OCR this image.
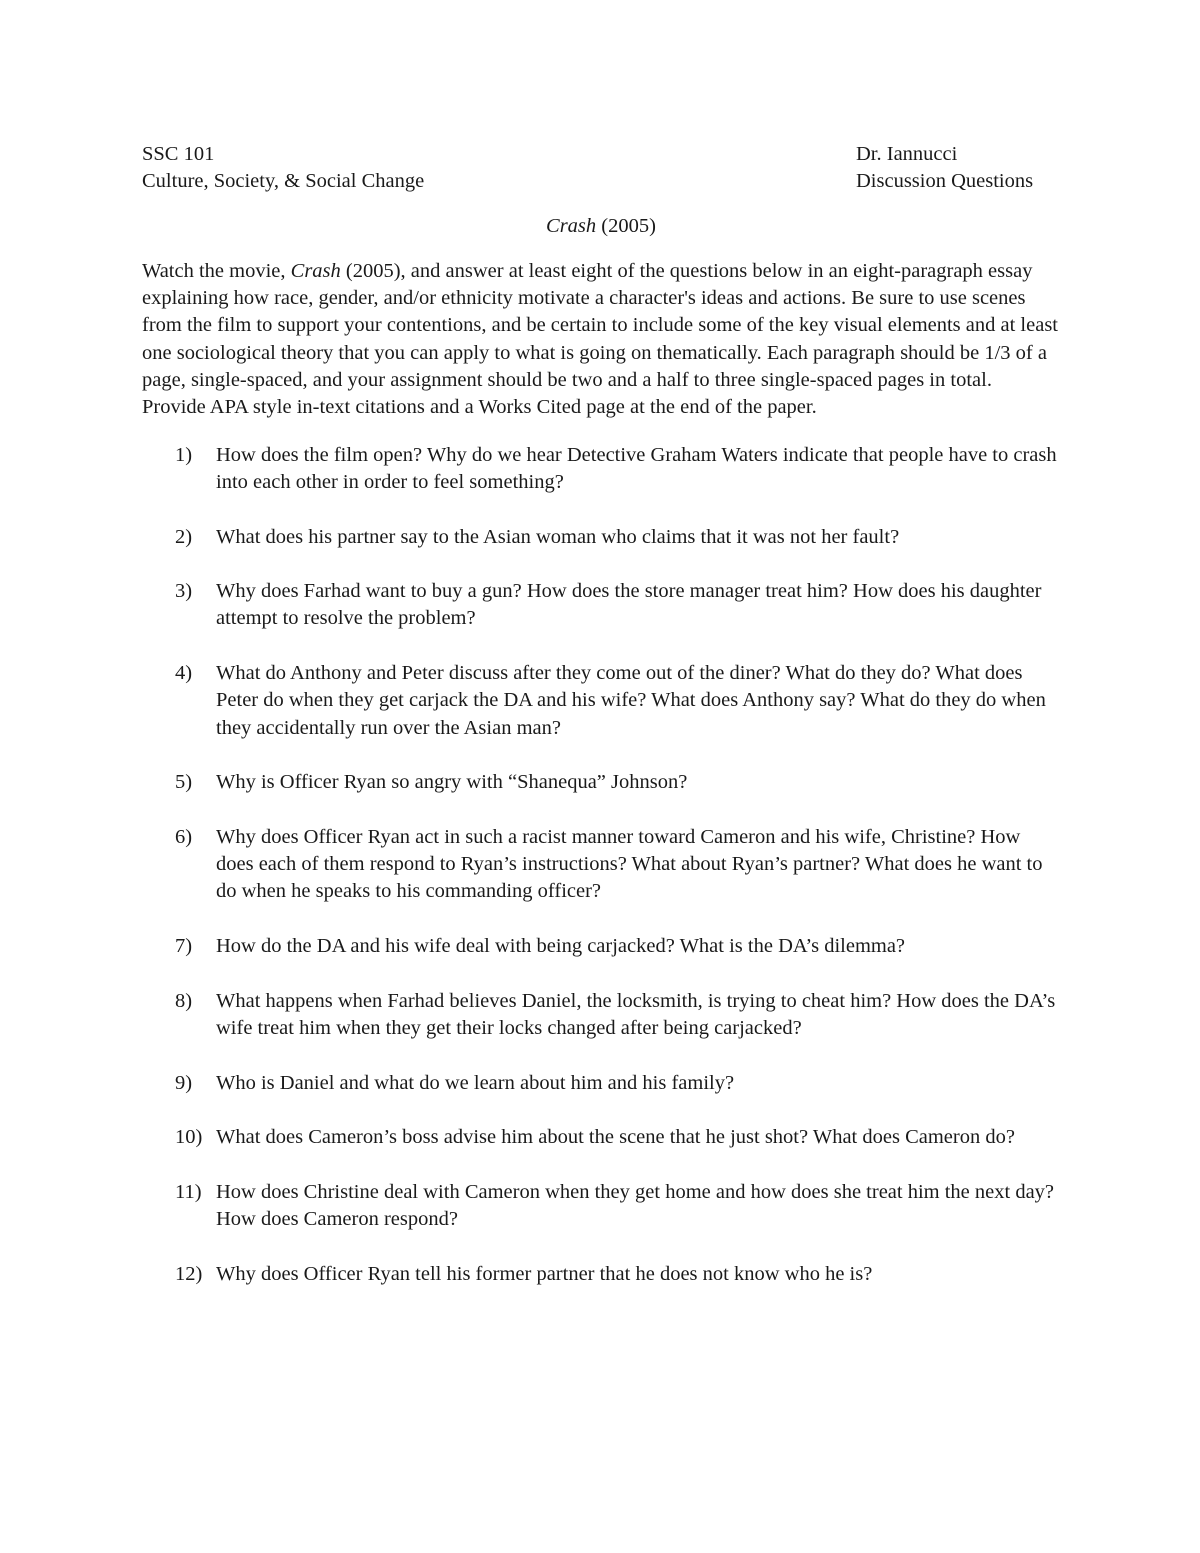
SSC 101	Dr. Iannucci
Culture, Society, & Social Change	Discussion Questions
Crash (2005)

Watch the movie, Crash (2005), and answer at least eight of the questions below in an eight-paragraph essay explaining how race, gender, and/or ethnicity motivate a character's ideas and actions. Be sure to use scenes from the film to support your contentions, and be certain to include some of the key visual elements and at least one sociological theory that you can apply to what is going on thematically. Each paragraph should be 1/3 of a page, single-spaced, and your assignment should be two and a half to three single-spaced pages in total. Provide APA style in-text citations and a Works Cited page at the end of the paper.

1)	How does the film open? Why do we hear Detective Graham Waters indicate that people have to crash into each other in order to feel something?
2)	What does his partner say to the Asian woman who claims that it was not her fault?
3)	Why does Farhad want to buy a gun? How does the store manager treat him? How does his daughter attempt to resolve the problem?
4)	What do Anthony and Peter discuss after they come out of the diner? What do they do? What does Peter do when they get carjack the DA and his wife? What does Anthony say? What do they do when they accidentally run over the Asian man?
5)	Why is Officer Ryan so angry with “Shanequa” Johnson?
6)	Why does Officer Ryan act in such a racist manner toward Cameron and his wife, Christine? How does each of them respond to Ryan’s instructions? What about Ryan’s partner? What does he want to do when he speaks to his commanding officer?
7)	How do the DA and his wife deal with being carjacked? What is the DA’s dilemma?
8)	What happens when Farhad believes Daniel, the locksmith, is trying to cheat him? How does the DA’s wife treat him when they get their locks changed after being carjacked?
9)	Who is Daniel and what do we learn about him and his family?
10) What does Cameron’s boss advise him about the scene that he just shot? What does Cameron do?
11) How does Christine deal with Cameron when they get home and how does she treat him the next day? How does Cameron respond?
12) Why does Officer Ryan tell his former partner that he does not know who he is?
